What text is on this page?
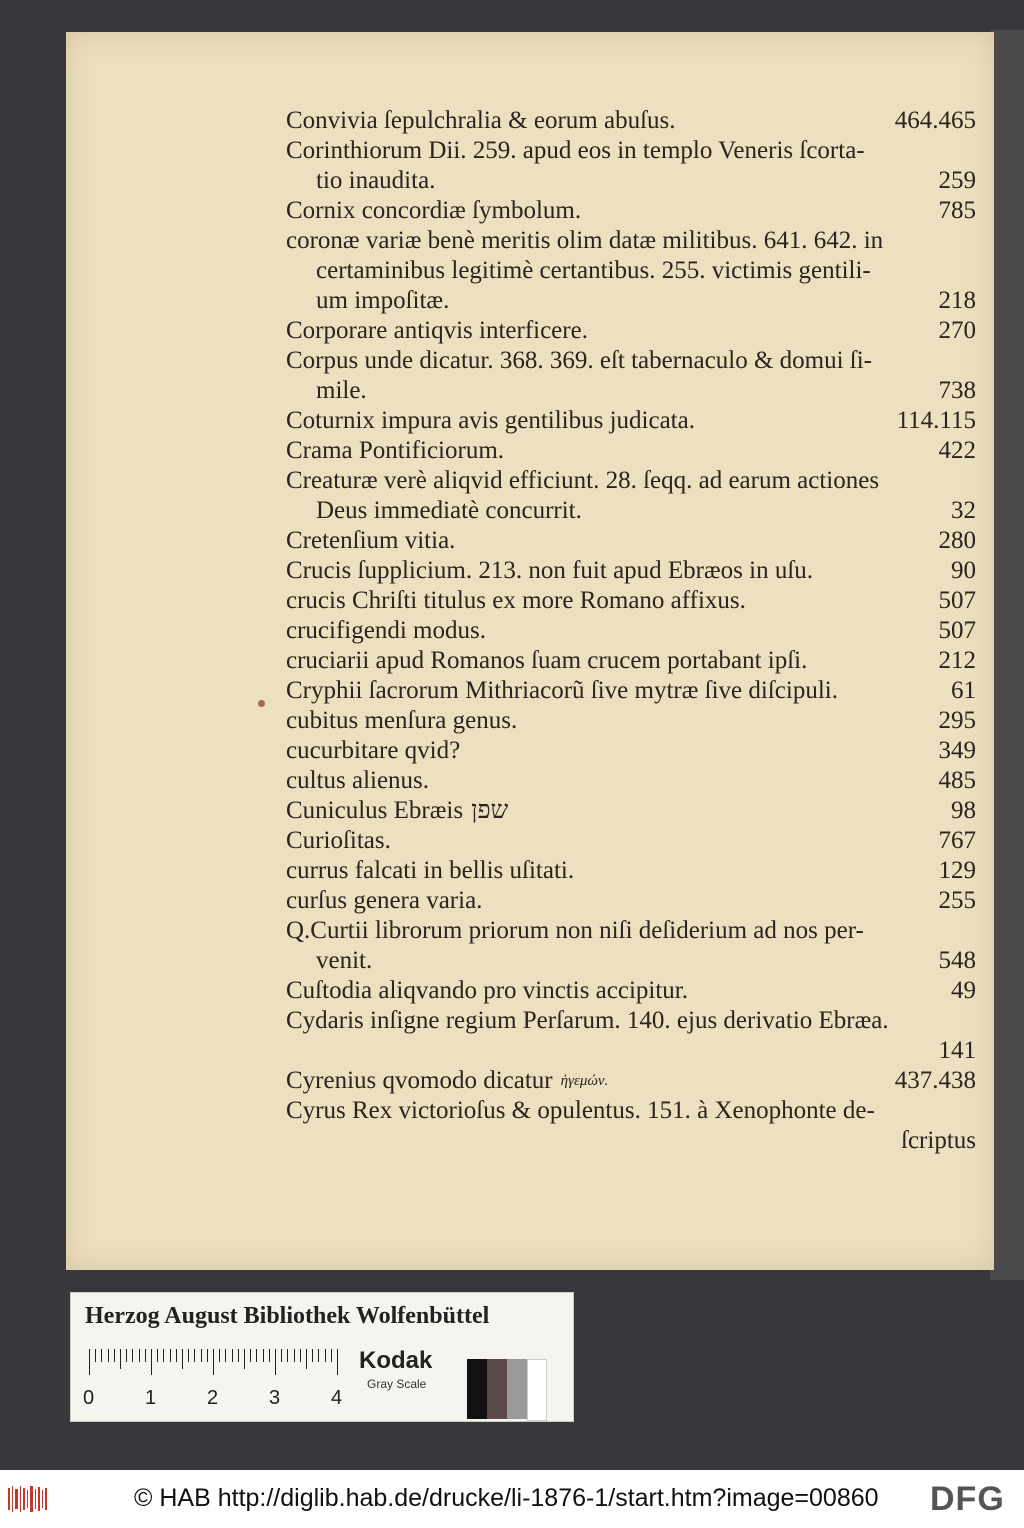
Convivia ſepulchralia & eorum abuſus.	464.465
Corinthiorum Dii. 259. apud eos in templo Veneris ſcorta-
tio inaudita.	259
Cornix concordiæ ſymbolum.	785
coronæ variæ benè meritis olim datæ militibus. 641. 642. in
certaminibus legitimè certantibus. 255. victimis gentili-
um impoſitæ.	218
Corporare antiqvis interficere.	270
Corpus unde dicatur. 368. 369. eſt tabernaculo & domui ſi-
mile.	738
Coturnix impura avis gentilibus judicata.	114.115
Crama Pontificiorum.	422
Creaturæ verè aliqvid efficiunt. 28. ſeqq. ad earum actiones
Deus immediatè concurrit.	32
Cretenſium vitia.	280
Crucis ſupplicium. 213. non fuit apud Ebræos in uſu.	90
crucis Chriſti titulus ex more Romano affixus.	507
crucifigendi modus.	507
cruciarii apud Romanos ſuam crucem portabant ipſi.	212
Cryphii ſacrorum Mithriacorũ ſive mytræ ſive diſcipuli.	61
cubitus menſura genus.	295
cucurbitare qvid?	349
cultus alienus.	485
Cuniculus Ebræis שפן	98
Curioſitas.	767
currus falcati in bellis uſitati.	129
curſus genera varia.	255
Q.Curtii librorum priorum non niſi deſiderium ad nos per-
venit.	548
Cuſtodia aliqvando pro vinctis accipitur.	49
Cydaris inſigne regium Perſarum. 140. ejus derivatio Ebræa.
141
Cyrenius qvomodo dicatur ἡγεμών.	437.438
Cyrus Rex victorioſus & opulentus. 151. à Xenophonte de-
ſcriptus
Herzog August Bibliothek Wolfenbüttel
Kodak
Gray Scale
0	1	2	3	4
© HAB http://diglib.hab.de/drucke/li-1876-1/start.htm?image=00860 DFG
